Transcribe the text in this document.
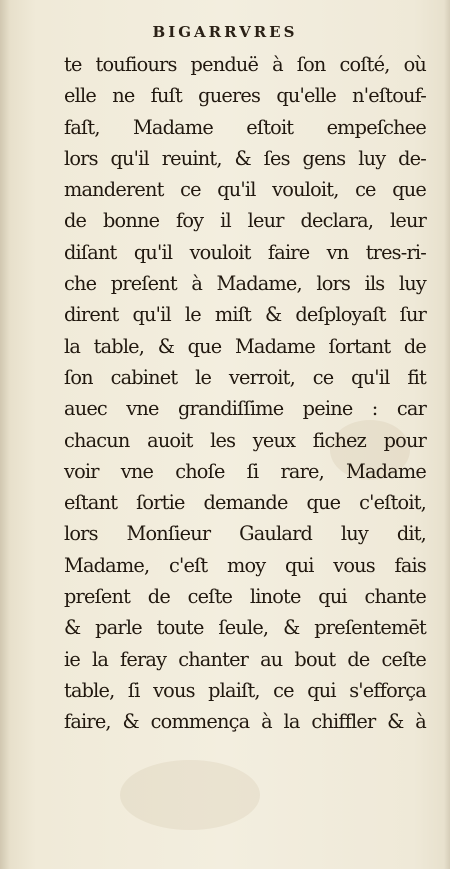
BIGARRVRES
te toufiours penduë à ſon coſté, où
elle ne fuſt gueres qu'elle n'eſtouf-
faſt, Madame eſtoit empeſchee
lors qu'il reuint, & ſes gens luy de-
manderent ce qu'il vouloit, ce que
de bonne foy il leur declara, leur
diſant qu'il vouloit faire vn tres-ri-
che preſent à Madame, lors ils luy
dirent qu'il le miſt & deſployaſt ſur
la table, & que Madame ſortant de
ſon cabinet le verroit, ce qu'il fit
auec vne grandiſſime peine : car
chacun auoit les yeux fichez pour
voir vne choſe ſi rare, Madame
eſtant ſortie demande que c'eſtoit,
lors Monſieur Gaulard luy dit,
Madame, c'eſt moy qui vous fais
preſent de ceſte linote qui chante
& parle toute ſeule, & preſentemēt
ie la feray chanter au bout de ceſte
table, ſi vous plaiſt, ce qui s'efforça
faire, & commença à la chiffler & à
